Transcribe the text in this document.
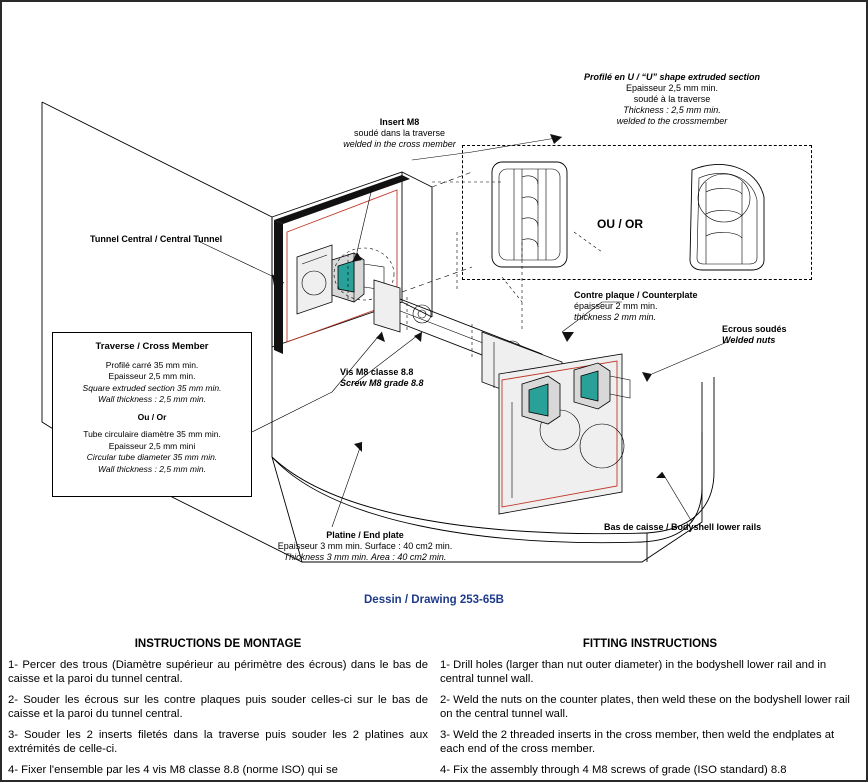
Insert M8
soudé dans la traverse
welded in the cross member
Profilé en U / “U” shape extruded section
Epaisseur 2,5 mm min.
soudé à la traverse
Thickness : 2,5 mm min.
welded to the crossmember
Tunnel Central / Central Tunnel
Contre plaque / Counterplate
épaisseur 2 mm min.
thickness 2 mm min.
Ecrous soudés
Welded nuts
Vis M8 classe 8.8
Screw M8 grade 8.8
Platine / End plate
Epaisseur 3 mm min. Surface : 40 cm2 min.
Thickness 3 mm min. Area : 40 cm2 min.
Bas de caisse / Bodyshell lower rails
OU / OR
Traverse / Cross Member
Profilé carré 35 mm min.
Epaisseur 2,5 mm min.
Square extruded section 35 mm min.
Wall thickness : 2,5 mm min.
Ou / Or
Tube circulaire diamètre 35 mm min.
Epaisseur 2,5 mm mini
Circular tube diameter 35 mm min.
Wall thickness : 2,5 mm min.
Dessin / Drawing 253-65B
INSTRUCTIONS DE MONTAGE

1- Percer des trous (Diamètre supérieur au périmètre des écrous) dans le bas de caisse et la paroi du tunnel central.

2- Souder les écrous sur les contre plaques puis souder celles-ci sur le bas de caisse et la paroi du tunnel central.

3- Souder les 2 inserts filetés dans la traverse puis souder les 2 platines aux extrémités de celle-ci.

4- Fixer l'ensemble par les 4 vis M8 classe 8.8 (norme ISO) qui se

FITTING INSTRUCTIONS

1- Drill holes (larger than nut outer diameter) in the bodyshell lower rail and in central tunnel wall.

2- Weld the nuts on the counter plates, then weld these on the bodyshell lower rail on the central tunnel wall.

3- Weld the 2 threaded inserts in the cross member, then weld the endplates at each end of the cross member.

4- Fix the assembly through 4 M8 screws of grade (ISO standard) 8.8
